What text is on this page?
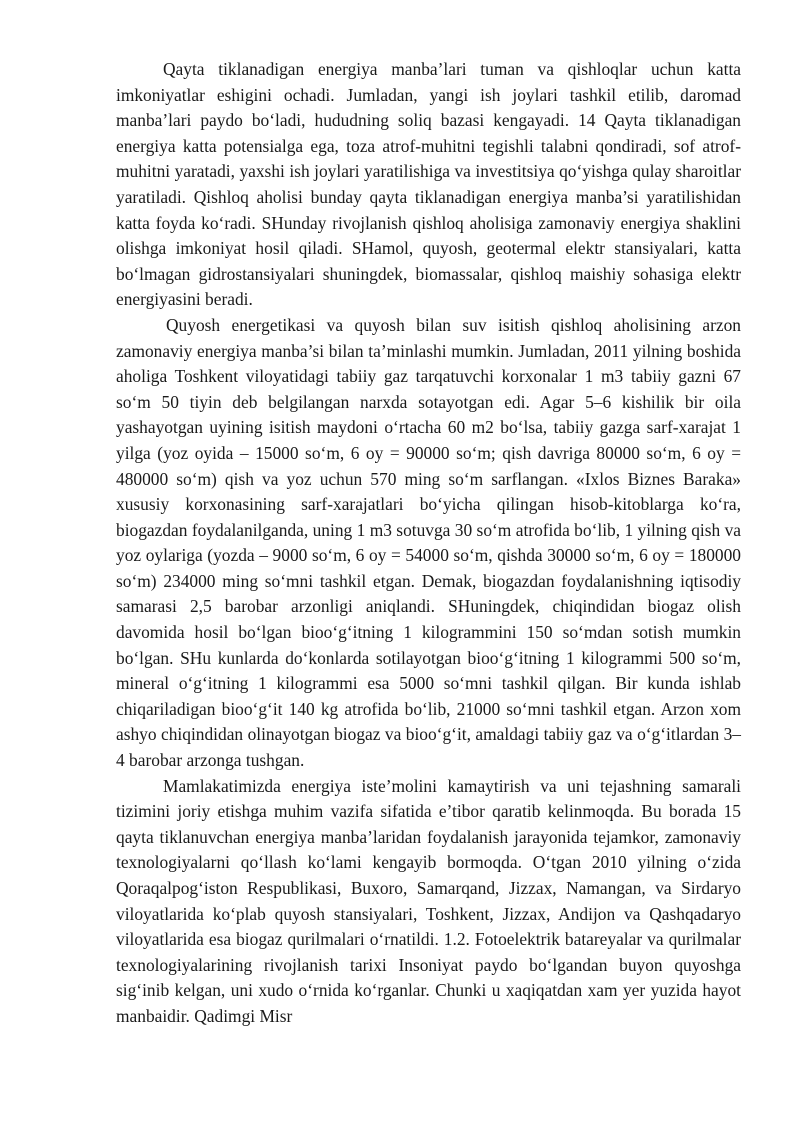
Qayta tiklanadigan energiya manba’lari tuman va qishloqlar uchun katta imkoniyatlar eshigini ochadi. Jumladan, yangi ish joylari tashkil etilib, daromad manba’lari paydo bo‘ladi, hududning soliq bazasi kengayadi. 14 Qayta tiklanadigan energiya katta potensialga ega, toza atrof-muhitni tegishli talabni qondiradi, sof atrof-muhitni yaratadi, yaxshi ish joylari yaratilishiga va investitsiya qo‘yishga qulay sharoitlar yaratiladi. Qishloq aholisi bunday qayta tiklanadigan energiya manba’si yaratilishidan katta foyda ko‘radi. SHunday rivojlanish qishloq aholisiga zamonaviy energiya shaklini olishga imkoniyat hosil qiladi. SHamol, quyosh, geotermal elektr stansiyalari, katta bo‘lmagan gidrostansiyalari shuningdek, biomassalar, qishloq maishiy sohasiga elektr energiyasini beradi.

Quyosh energetikasi va quyosh bilan suv isitish qishloq aholisining arzon zamonaviy energiya manba’si bilan ta’minlashi mumkin. Jumladan, 2011 yilning boshida aholiga Toshkent viloyatidagi tabiiy gaz tarqatuvchi korxonalar 1 m3 tabiiy gazni 67 so‘m 50 tiyin deb belgilangan narxda sotayotgan edi. Agar 5–6 kishilik bir oila yashayotgan uyining isitish maydoni o‘rtacha 60 m2 bo‘lsa, tabiiy gazga sarf-xarajat 1 yilga (yoz oyida – 15000 so‘m, 6 oy = 90000 so‘m; qish davriga 80000 so‘m, 6 oy = 480000 so‘m) qish va yoz uchun 570 ming so‘m sarflangan. «Ixlos Biznes Baraka» xususiy korxonasining sarf-xarajatlari bo‘yicha qilingan hisob-kitoblarga ko‘ra, biogazdan foydalanilganda, uning 1 m3 sotuvga 30 so‘m atrofida bo‘lib, 1 yilning qish va yoz oylariga (yozda – 9000 so‘m, 6 oy = 54000 so‘m, qishda 30000 so‘m, 6 oy = 180000 so‘m) 234000 ming so‘mni tashkil etgan. Demak, biogazdan foydalanishning iqtisodiy samarasi 2,5 barobar arzonligi aniqlandi. SHuningdek, chiqindidan biogaz olish davomida hosil bo‘lgan bioo‘g‘itning 1 kilogrammini 150 so‘mdan sotish mumkin bo‘lgan. SHu kunlarda do‘konlarda sotilayotgan bioo‘g‘itning 1 kilogrammi 500 so‘m, mineral o‘g‘itning 1 kilogrammi esa 5000 so‘mni tashkil qilgan. Bir kunda ishlab chiqariladigan bioo‘g‘it 140 kg atrofida bo‘lib, 21000 so‘mni tashkil etgan. Arzon xom ashyo chiqindidan olinayotgan biogaz va bioo‘g‘it, amaldagi tabiiy gaz va o‘g‘itlardan 3–4 barobar arzonga tushgan.

Mamlakatimizda energiya iste’molini kamaytirish va uni tejashning samarali tizimini joriy etishga muhim vazifa sifatida e’tibor qaratib kelinmoqda. Bu borada 15 qayta tiklanuvchan energiya manba’laridan foydalanish jarayonida tejamkor, zamonaviy texnologiyalarni qo‘llash ko‘lami kengayib bormoqda. O‘tgan 2010 yilning o‘zida Qoraqalpog‘iston Respublikasi, Buxoro, Samarqand, Jizzax, Namangan, va Sirdaryo viloyatlarida ko‘plab quyosh stansiyalari, Toshkent, Jizzax, Andijon va Qashqadaryo viloyatlarida esa biogaz qurilmalari o‘rnatildi. 1.2. Fotoelektrik batareyalar va qurilmalar texnologiyalarining rivojlanish tarixi Insoniyat paydo bo‘lgandan buyon quyoshga sig‘inib kelgan, uni xudo o‘rnida ko‘rganlar. Chunki u xaqiqatdan xam yer yuzida hayot manbaidir. Qadimgi Misr
